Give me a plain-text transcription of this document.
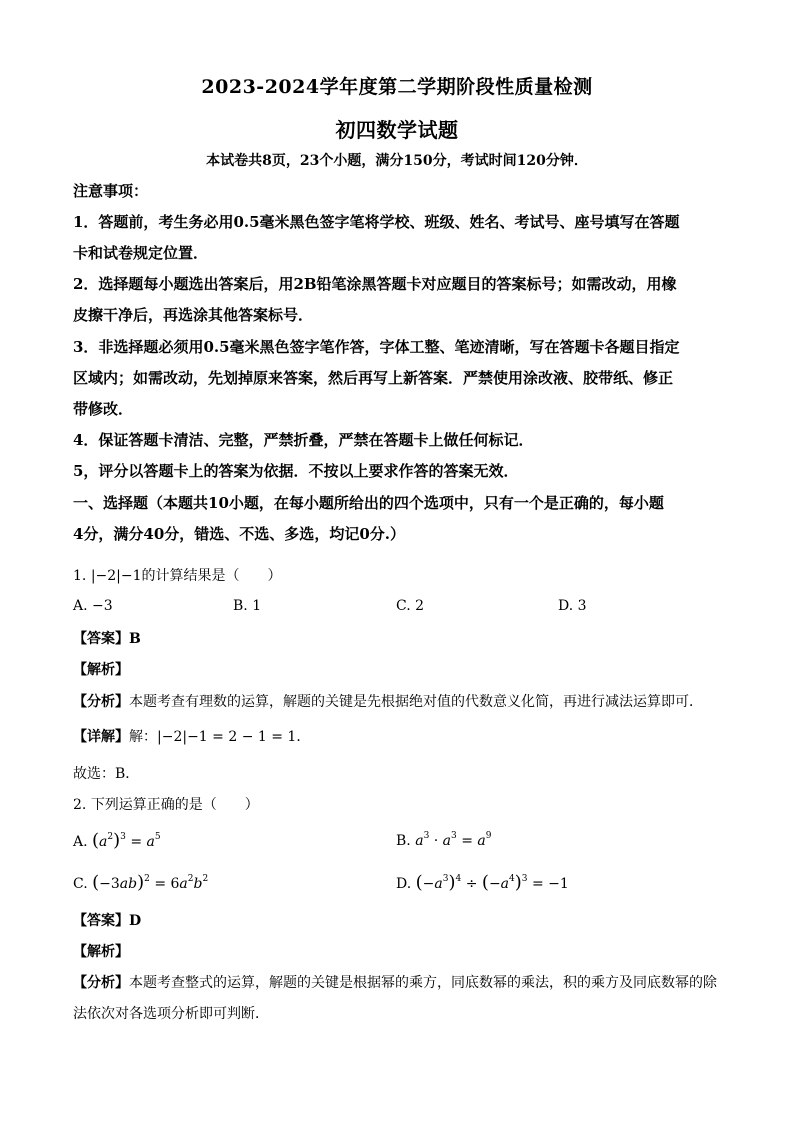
2023-2024学年度第二学期阶段性质量检测
初四数学试题
本试卷共8页，23个小题，满分150分，考试时间120分钟．
注意事项：
1．答题前，考生务必用0.5毫米黑色签字笔将学校、班级、姓名、考试号、座号填写在答题
卡和试卷规定位置．
2．选择题每小题选出答案后，用2B铅笔涂黑答题卡对应题目的答案标号；如需改动，用橡
皮擦干净后，再选涂其他答案标号．
3．非选择题必须用0.5毫米黑色签字笔作答，字体工整、笔迹清晰，写在答题卡各题目指定
区域内；如需改动，先划掉原来答案，然后再写上新答案．严禁使用涂改液、胶带纸、修正
带修改．
4．保证答题卡清洁、完整，严禁折叠，严禁在答题卡上做任何标记．
5，评分以答题卡上的答案为依据．不按以上要求作答的答案无效．
一、选择题（本题共10小题，在每小题所给出的四个选项中，只有一个是正确的，每小题
4分，满分40分，错选、不选、多选，均记0分.）
1. |−2|−1的计算结果是（　　）
A. −3	B. 1	C. 2	D. 3
【答案】B
【解析】
【分析】本题考查有理数的运算，解题的关键是先根据绝对值的代数意义化简，再进行减法运算即可．
【详解】解：|−2|−1 = 2 − 1 = 1．
故选：B．
2. 下列运算正确的是（　　）
A. $(a^2)^3 = a^5$	B. $a^3 \cdot a^3 = a^9$
C. $(-3ab)^2 = 6a^2b^2$	D. $(-a^3)^4 \div (-a^4)^3 = -1$
【答案】D
【解析】
【分析】本题考查整式的运算，解题的关键是根据幂的乘方，同底数幂的乘法，积的乘方及同底数幂的除
法依次对各选项分析即可判断．
